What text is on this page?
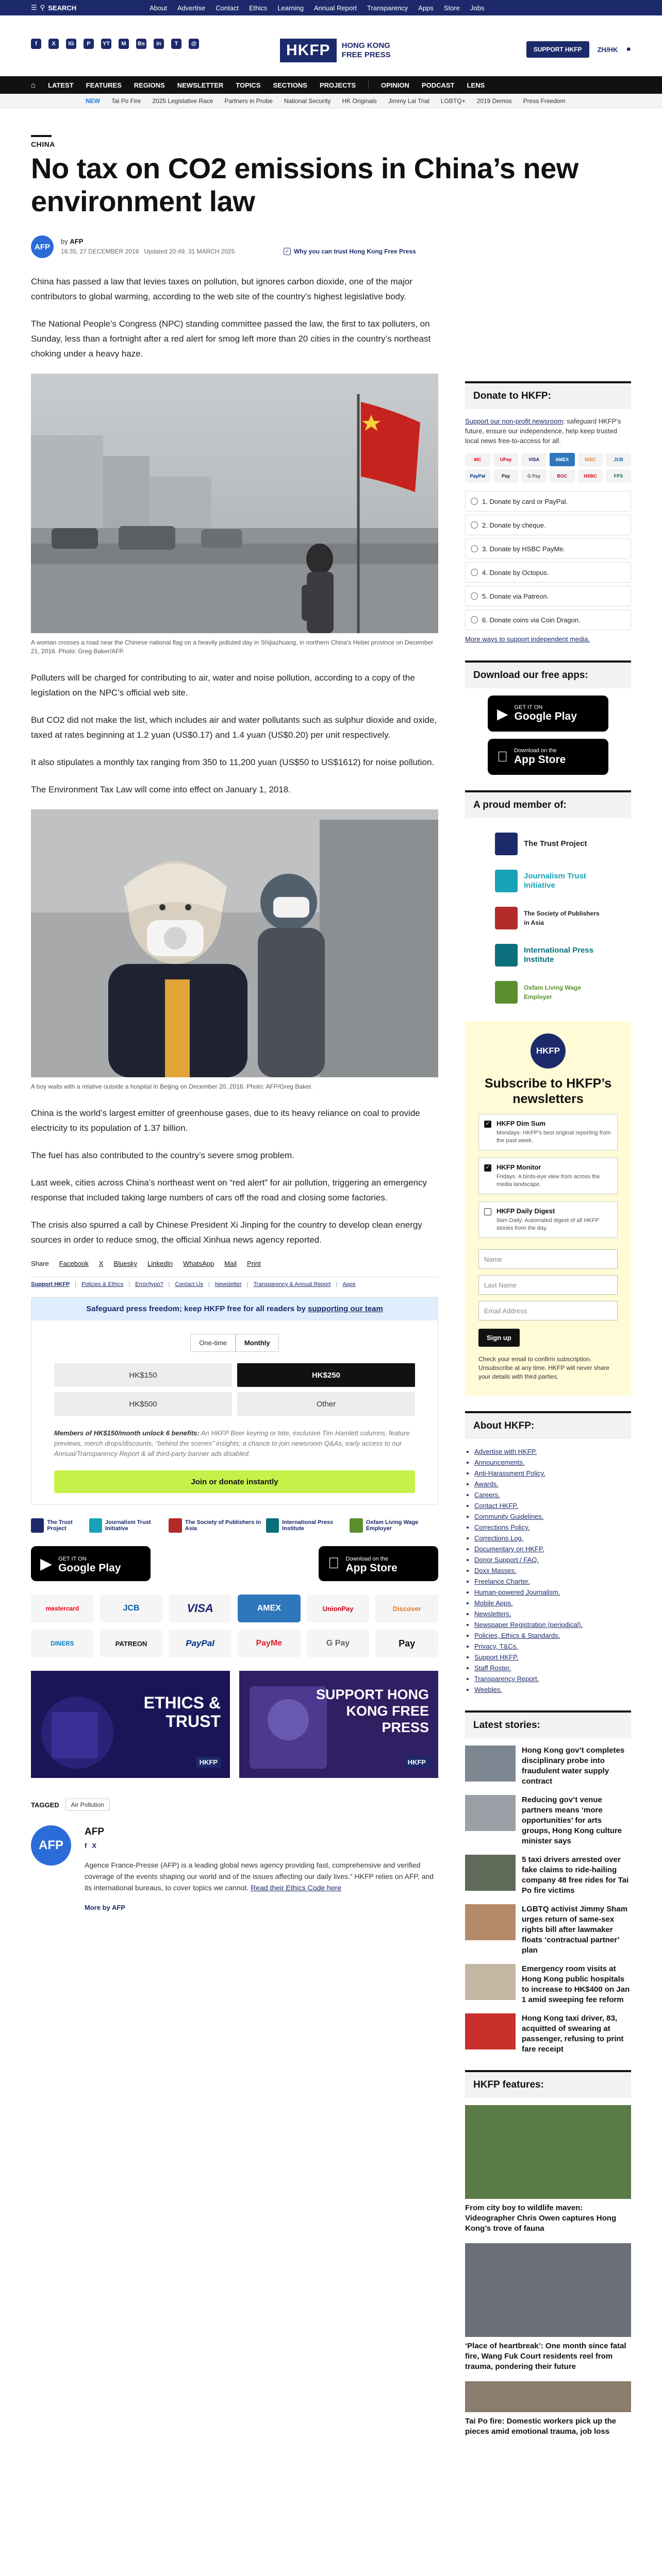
☰ ⚲ SEARCH	About Advertise Contact Ethics Learning Annual Report Transparency Apps Store Jobs
f	X	IG	P	YT	M	Bs	in	T	@	HKFP	HONG KONG
FREE PRESS
SUPPORT HKFP	ZH/HK ●
⌂ LATEST FEATURES REGIONS NEWSLETTER TOPICS SECTIONS PROJECTS	OPINION PODCAST LENS
NEW Tai Po Fire 2025 Legislative Race Partners in Probe National Security HK Originals Jimmy Lai Trial LGBTQ+ 2019 Demos Press Freedom
CHINA
No tax on CO2 emissions in China’s new environment law
AFP
by AFP
16:35, 27 DECEMBER 2016 Updated 20:49, 31 MARCH 2025	✓ Why you can trust Hong Kong Free Press

China has passed a law that levies taxes on pollution, but ignores carbon dioxide, one of the major contributors to global warming, according to the web site of the country’s highest legislative body.

The National People’s Congress (NPC) standing committee passed the law, the first to tax polluters, on Sunday, less than a fortnight after a red alert for smog left more than 20 cities in the country’s northeast choking under a heavy haze.

A woman crosses a road near the Chinese national flag on a heavily polluted day in Shijiazhuang, in northern China’s Hebei province on December 21, 2016. Photo: Greg Baker/AFP.

Polluters will be charged for contributing to air, water and noise pollution, according to a copy of the legislation on the NPC’s official web site.

But CO2 did not make the list, which includes air and water pollutants such as sulphur dioxide and oxide, taxed at rates beginning at 1.2 yuan (US$0.17) and 1.4 yuan (US$0.20) per unit respectively.

It also stipulates a monthly tax ranging from 350 to 11,200 yuan (US$50 to US$1612) for noise pollution.

The Environment Tax Law will come into effect on January 1, 2018.

A boy waits with a relative outside a hospital in Beijing on December 20, 2016. Photo: AFP/Greg Baker.

China is the world’s largest emitter of greenhouse gases, due to its heavy reliance on coal to provide electricity to its population of 1.37 billion.

The fuel has also contributed to the country’s severe smog problem.

Last week, cities across China’s northeast went on “red alert” for air pollution, triggering an emergency response that included taking large numbers of cars off the road and closing some factories.

The crisis also spurred a call by Chinese President Xi Jinping for the country to develop clean energy sources in order to reduce smog, the official Xinhua news agency reported.

Share Facebook X Bluesky LinkedIn WhatsApp Mail Print
Support HKFP | Policies & Ethics | Error/typo? | Contact Us | Newsletter | Transparency & Annual Report | Apps
Safeguard press freedom; keep HKFP free for all readers by supporting our team
One-time	Monthly
HK$150	HK$250
HK$500	Other

Members of HK$150/month unlock 6 benefits: An HKFP Beer keyring or tote, exclusive Tim Hamlett columns, feature previews, merch drops/discounts, “behind the scenes” insights; a chance to join newsroom Q&As, early access to our Annual/Transparency Report & all third-party banner ads disabled.

Join or donate instantly
The Trust Project
Journalism Trust Initiative
The Society of Publishers in Asia
International Press Institute
Oxfam Living Wage Employer
▶ GET IT ON
Google Play
Download on the
App Store
mastercard	JCB	VISA	AMEX	UnionPay	Discover
DINERS	PATREON	PayPal	PayMe	G Pay	Pay
ETHICS & TRUST
HKFP
SUPPORT HONG KONG FREE PRESS
HKFP
TAGGED	Air Pollution
AFP
AFP
f X
Agence France-Presse (AFP) is a leading global news agency providing fast, comprehensive and verified coverage of the events shaping our world and of the issues affecting our daily lives.” HKFP relies on AFP, and its international bureaus, to cover topics we cannot. Read their Ethics Code here
More by AFP
Donate to HKFP:

Support our non-profit newsroom: safeguard HKFP’s future, ensure our independence, help keep trusted local news free-to-access for all.

MC	UPay	VISA	AMEX	DISC	JCB
PayPal	Pay	G Pay	BOC	HSBC	FPS
1. Donate by card or PayPal.
2. Donate by cheque.
3. Donate by HSBC PayMe.
4. Donate by Octopus.
5. Donate via Patreon.
6. Donate coins via Coin Dragon.

More ways to support independent media.

Download our free apps:
▶ GET IT ON
Google Play
Download on the
App Store
A proud member of:
The Trust Project
Journalism Trust Initiative
The Society of Publishers in Asia
International Press Institute
Oxfam Living Wage Employer
HKFP
Subscribe to HKFP’s newsletters
✓ HKFP Dim Sum
Mondays: HKFP’s best original reporting from the past week.
✓ HKFP Monitor
Fridays: A birds-eye view from across the media landscape.
HKFP Daily Digest
9am Daily: Automated digest of all HKFP stories from the day.
Name
Last Name
Email Address
Sign up

Check your email to confirm subscription. Unsubscribe at any time. HKFP will never share your details with third parties.

About HKFP:
• Advertise with HKFP.
• Announcements.
• Anti-Harassment Policy.
• Awards.
• Careers.
• Contact HKFP.
• Community Guidelines.
• Corrections Policy.
• Corrections Log.
• Documentary on HKFP.
• Donor Support / FAQ.
• Doxx Masses.
• Freelance Charter.
• Human-powered Journalism.
• Mobile Apps.
• Newsletters.
• Newspaper Registration (periodical).
• Policies, Ethics & Standards.
• Privacy, T&Cs.
• Support HKFP.
• Staff Roster.
• Transparency Report.
• Weebles.
Latest stories:
Hong Kong gov’t completes disciplinary probe into fraudulent water supply contract
Reducing gov’t venue partners means ‘more opportunities’ for arts groups, Hong Kong culture minister says
5 taxi drivers arrested over fake claims to ride-hailing company 48 free rides for Tai Po fire victims
LGBTQ activist Jimmy Sham urges return of same-sex rights bill after lawmaker floats ‘contractual partner’ plan
Emergency room visits at Hong Kong public hospitals to increase to HK$400 on Jan 1 amid sweeping fee reform
Hong Kong taxi driver, 83, acquitted of swearing at passenger, refusing to print fare receipt
HKFP features:
From city boy to wildlife maven: Videographer Chris Owen captures Hong Kong’s trove of fauna
‘Place of heartbreak’: One month since fatal fire, Wang Fuk Court residents reel from trauma, pondering their future
Tai Po fire: Domestic workers pick up the pieces amid emotional trauma, job loss
